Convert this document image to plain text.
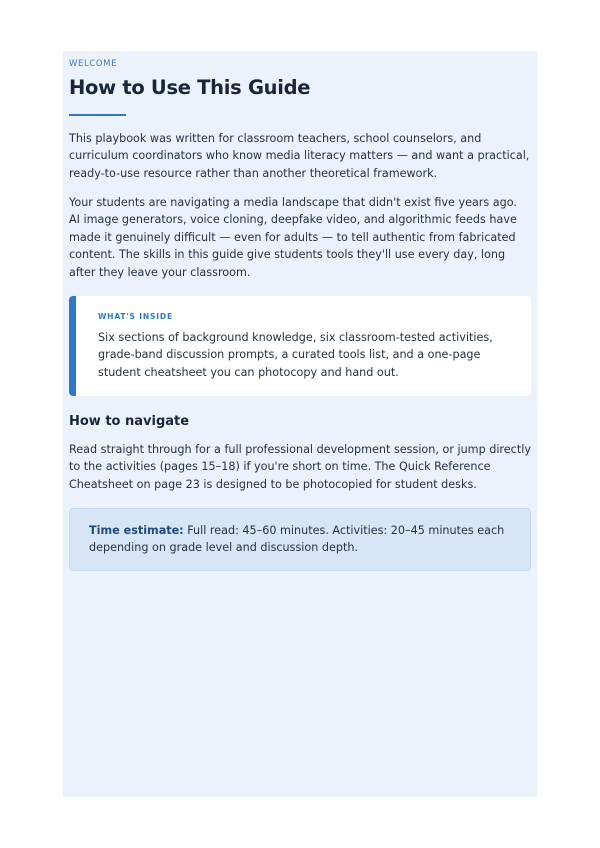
WELCOME
How to Use This Guide

This playbook was written for classroom teachers, school counselors, and curriculum coordinators who know media literacy matters — and want a practical, ready-to-use resource rather than another theoretical framework.

Your students are navigating a media landscape that didn't exist five years ago. AI image generators, voice cloning, deepfake video, and algorithmic feeds have made it genuinely difficult — even for adults — to tell authentic from fabricated content. The skills in this guide give students tools they'll use every day, long after they leave your classroom.

WHAT'S INSIDE

Six sections of background knowledge, six classroom-tested activities, grade-band discussion prompts, a curated tools list, and a one-page student cheatsheet you can photocopy and hand out.

How to navigate

Read straight through for a full professional development session, or jump directly to the activities (pages 15–18) if you're short on time. The Quick Reference Cheatsheet on page 23 is designed to be photocopied for student desks.

Time estimate: Full read: 45–60 minutes. Activities: 20–45 minutes each depending on grade level and discussion depth.
